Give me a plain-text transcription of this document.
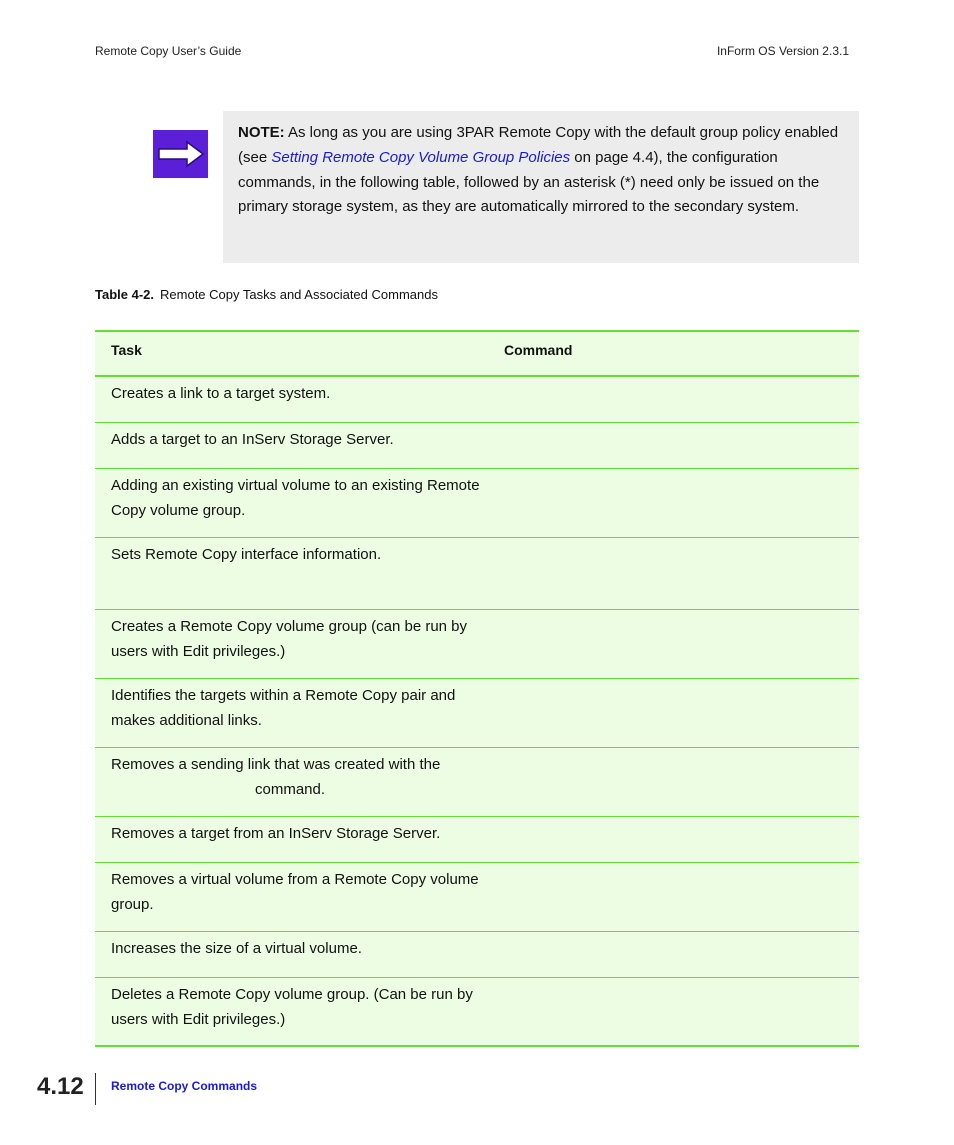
Remote Copy User’s Guide	InForm OS Version 2.3.1
NOTE: As long as you are using 3PAR Remote Copy with the default group policy enabled (see Setting Remote Copy Volume Group Policies on page 4.4), the configuration commands, in the following table, followed by an asterisk (*) need only be issued on the primary storage system, as they are automatically mirrored to the secondary system.
Table 4-2. Remote Copy Tasks and Associated Commands
Task	Command
Creates a link to a target system.
Adds a target to an InServ Storage Server.
Adding an existing virtual volume to an existing Remote Copy volume group.
Sets Remote Copy interface information.
Creates a Remote Copy volume group (can be run by users with Edit privileges.)
Identifies the targets within a Remote Copy pair and makes additional links.
Removes a sending link that was created with the command.
Removes a target from an InServ Storage Server.
Removes a virtual volume from a Remote Copy volume group.
Increases the size of a virtual volume.
Deletes a Remote Copy volume group. (Can be run by users with Edit privileges.)
4.12 Remote Copy Commands
